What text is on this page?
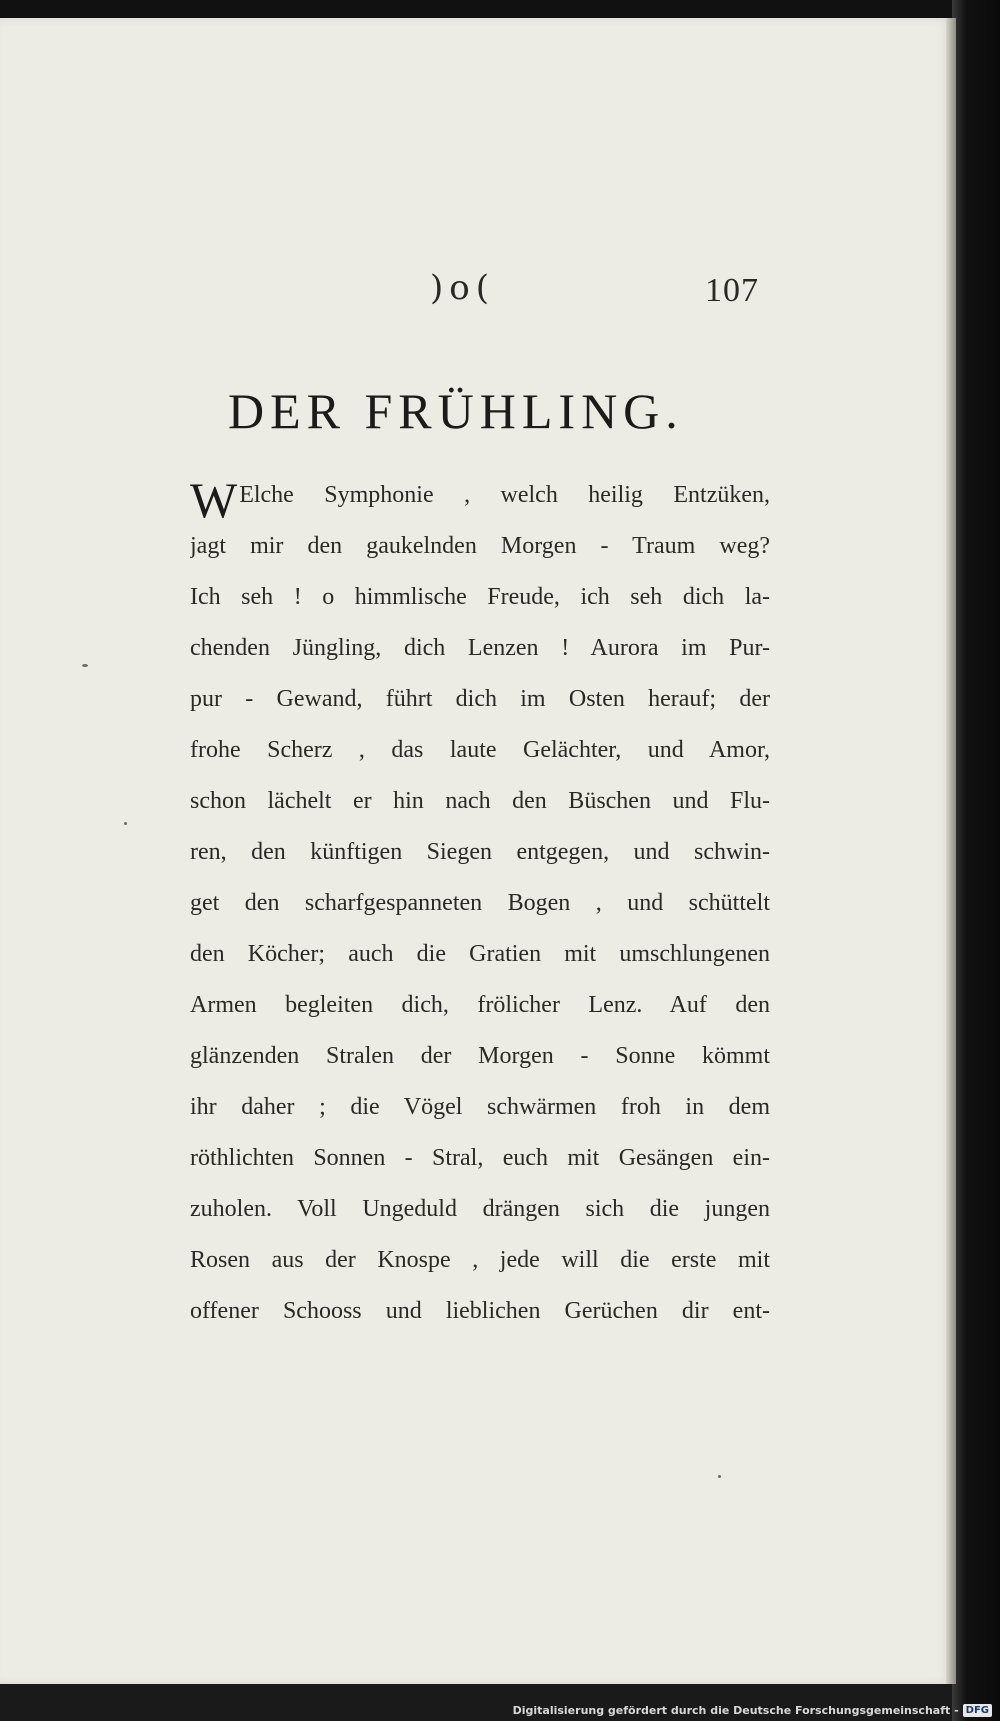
)o(	107
DER FRÜHLING.
W Elche Symphonie , welch heilig Entzüken,
jagt mir den gaukelnden Morgen - Traum weg?
Ich seh ! o himmlische Freude, ich seh dich la-
chenden Jüngling, dich Lenzen ! Aurora im Pur-
pur - Gewand, führt dich im Osten herauf; der
frohe Scherz , das laute Gelächter, und Amor,
schon lächelt er hin nach den Büschen und Flu-
ren, den künftigen Siegen entgegen, und schwin-
get den scharfgespanneten Bogen , und schüttelt
den Köcher; auch die Gratien mit umschlungenen
Armen begleiten dich, frölicher Lenz. Auf den
glänzenden Stralen der Morgen - Sonne kömmt
ihr daher ; die Vögel schwärmen froh in dem
röthlichten Sonnen - Stral, euch mit Gesängen ein-
zuholen. Voll Ungeduld drängen sich die jungen
Rosen aus der Knospe , jede will die erste mit
offener Schooss und lieblichen Gerüchen dir ent-
Digitalisierung gefördert durch die Deutsche Forschungsgemeinschaft - DFG
